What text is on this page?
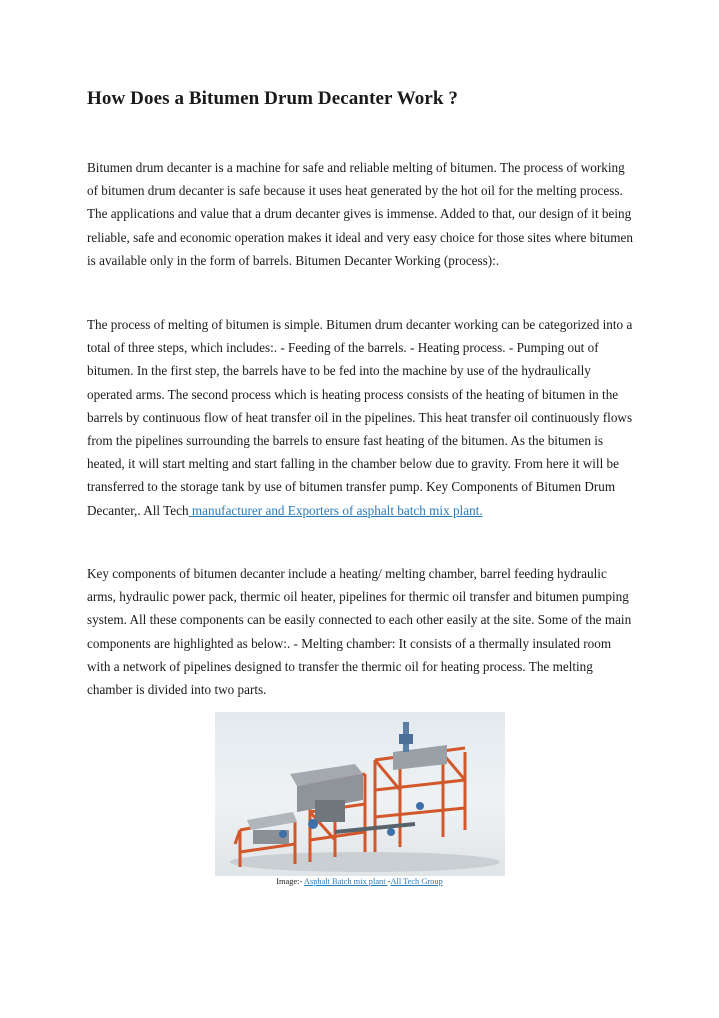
How Does a Bitumen Drum Decanter Work ?

Bitumen drum decanter is a machine for safe and reliable melting of bitumen. The process of working of bitumen drum decanter is safe because it uses heat generated by the hot oil for the melting process. The applications and value that a drum decanter gives is immense. Added to that, our design of it being reliable, safe and economic operation makes it ideal and very easy choice for those sites where bitumen is available only in the form of barrels. Bitumen Decanter Working (process):.

The process of melting of bitumen is simple. Bitumen drum decanter working can be categorized into a total of three steps, which includes:. - Feeding of the barrels. - Heating process. - Pumping out of bitumen. In the first step, the barrels have to be fed into the machine by use of the hydraulically operated arms. The second process which is heating process consists of the heating of bitumen in the barrels by continuous flow of heat transfer oil in the pipelines. This heat transfer oil continuously flows from the pipelines surrounding the barrels to ensure fast heating of the bitumen. As the bitumen is heated, it will start melting and start falling in the chamber below due to gravity. From here it will be transferred to the storage tank by use of bitumen transfer pump. Key Components of Bitumen Drum Decanter,. All Tech manufacturer and Exporters of asphalt batch mix plant.

Key components of bitumen decanter include a heating/ melting chamber, barrel feeding hydraulic arms, hydraulic power pack, thermic oil heater, pipelines for thermic oil transfer and bitumen pumping system. All these components can be easily connected to each other easily at the site. Some of the main components are highlighted as below:. - Melting chamber: It consists of a thermally insulated room with a network of pipelines designed to transfer the thermic oil for heating process. The melting chamber is divided into two parts.

Image:- Asphalt Batch mix plant -All Tech Group
